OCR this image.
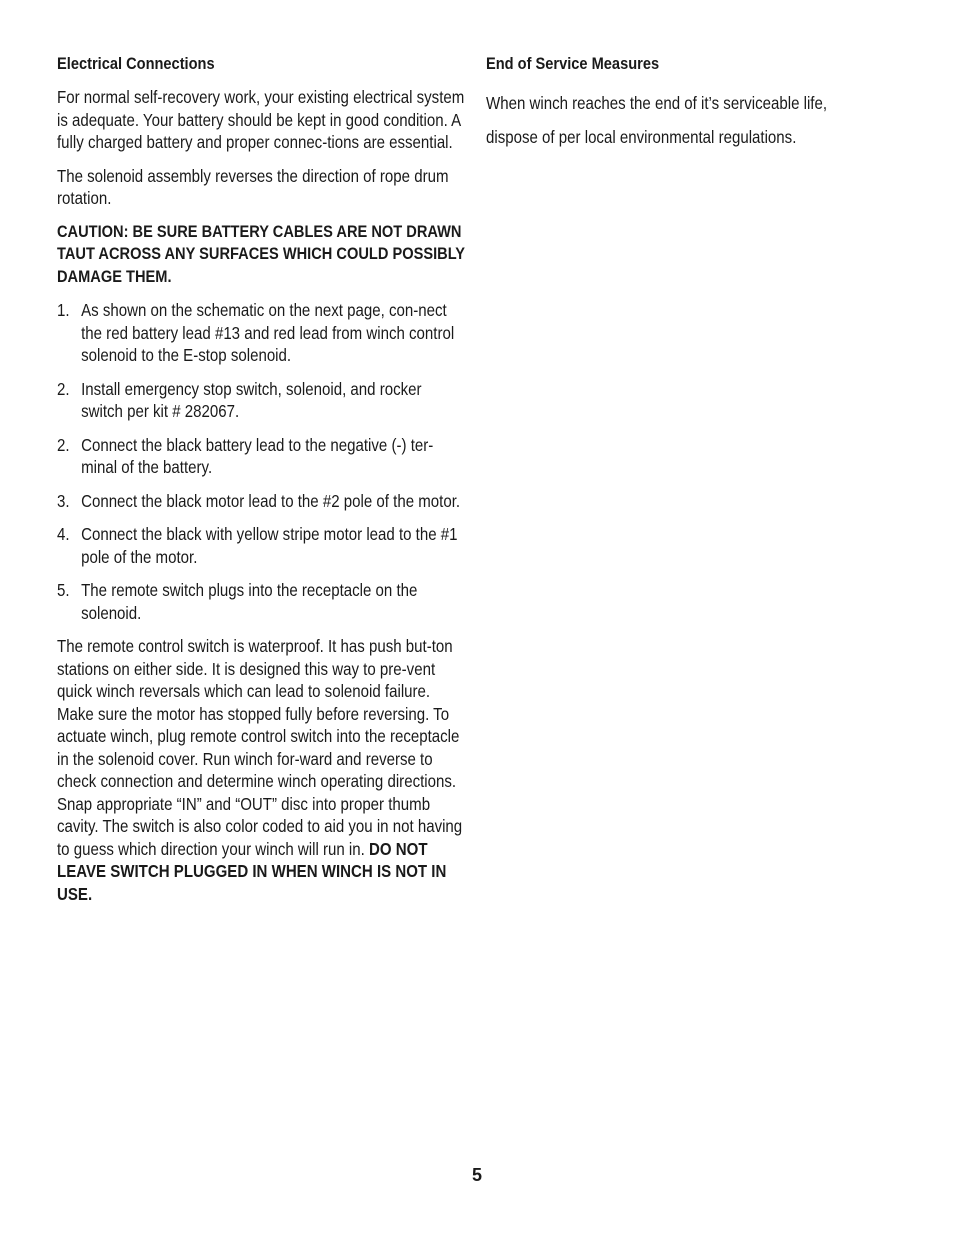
Electrical Connections

For normal self-recovery work, your existing electrical system is adequate. Your battery should be kept in good condition. A fully charged battery and proper connec-tions are essential.

The solenoid assembly reverses the direction of rope drum rotation.

CAUTION: BE SURE BATTERY CABLES ARE NOT DRAWN TAUT ACROSS ANY SURFACES WHICH COULD POSSIBLY DAMAGE THEM.
1. As shown on the schematic on the next page, con-nect the red battery lead #13 and red lead from winch control solenoid to the E-stop solenoid.
2. Install emergency stop switch, solenoid, and rocker switch per kit # 282067.
2. Connect the black battery lead to the negative (-) ter-minal of the battery.
3. Connect the black motor lead to the #2 pole of the motor.
4. Connect the black with yellow stripe motor lead to the #1 pole of the motor.
5. The remote switch plugs into the receptacle on the solenoid.

The remote control switch is waterproof. It has push but-ton stations on either side. It is designed this way to pre-vent quick winch reversals which can lead to solenoid failure. Make sure the motor has stopped fully before reversing. To actuate winch, plug remote control switch into the receptacle in the solenoid cover. Run winch for-ward and reverse to check connection and determine winch operating directions. Snap appropriate “IN” and “OUT” disc into proper thumb cavity. The switch is also color coded to aid you in not having to guess which direction your winch will run in. DO NOT LEAVE SWITCH PLUGGED IN WHEN WINCH IS NOT IN USE.

End of Service Measures

When winch reaches the end of it’s serviceable life,

dispose of per local environmental regulations.

5
